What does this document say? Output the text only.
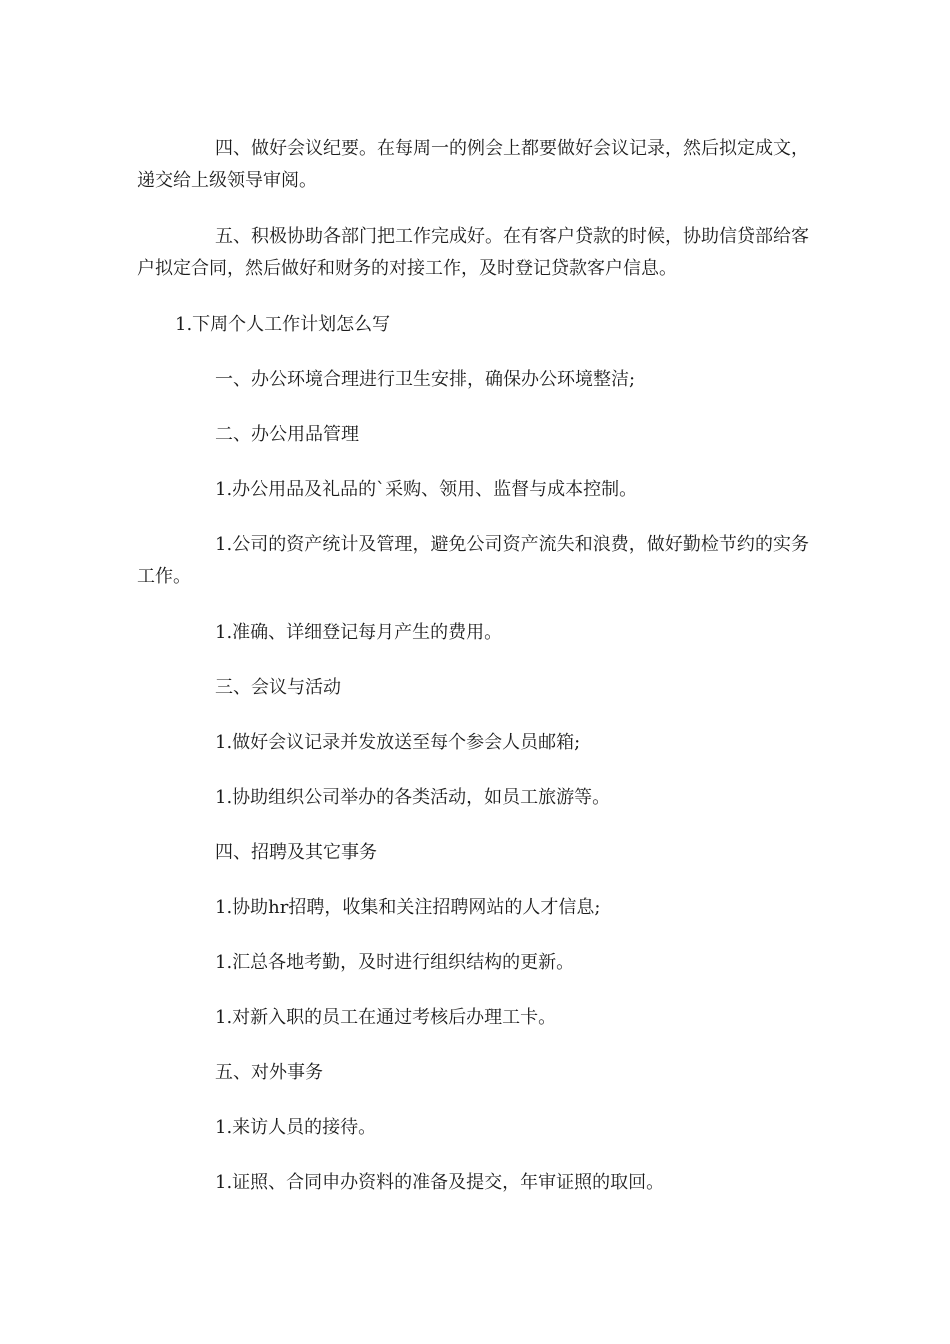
四、做好会议纪要。在每周一的例会上都要做好会议记录，然后拟定成文，递交给上级领导审阅。

五、积极协助各部门把工作完成好。在有客户贷款的时候，协助信贷部给客户拟定合同，然后做好和财务的对接工作，及时登记贷款客户信息。

1.下周个人工作计划怎么写

一、办公环境合理进行卫生安排，确保办公环境整洁;

二、办公用品管理

1.办公用品及礼品的`采购、领用、监督与成本控制。

1.公司的资产统计及管理，避免公司资产流失和浪费，做好勤检节约的实务工作。

1.准确、详细登记每月产生的费用。

三、会议与活动

1.做好会议记录并发放送至每个参会人员邮箱;

1.协助组织公司举办的各类活动，如员工旅游等。

四、招聘及其它事务

1.协助hr招聘，收集和关注招聘网站的人才信息;

1.汇总各地考勤，及时进行组织结构的更新。

1.对新入职的员工在通过考核后办理工卡。

五、对外事务

1.来访人员的接待。

1.证照、合同申办资料的准备及提交，年审证照的取回。
